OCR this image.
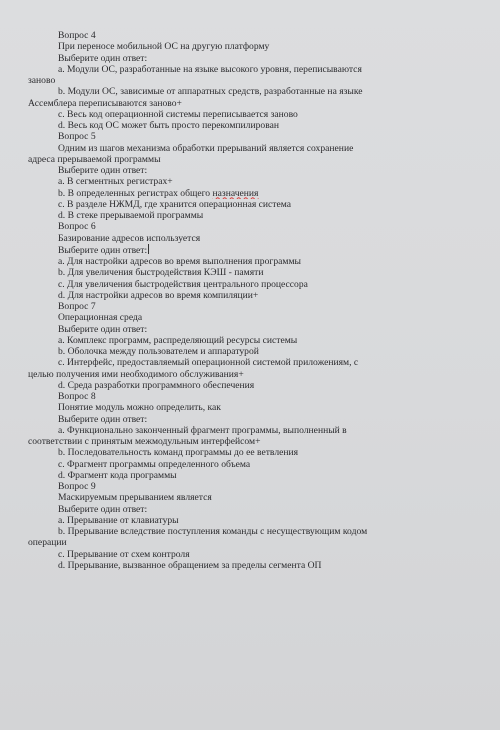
Вопрос 4
При переносе мобильной ОС на другую платформу
Выберите один ответ:
a. Модули ОС, разработанные на языке высокого уровня, переписываются
заново
b. Модули ОС, зависимые от аппаратных средств, разработанные на языке
Ассемблера переписываются заново+
c. Весь код операционной системы переписывается заново
d. Весь код ОС может быть просто перекомпилирован
Вопрос 5
Одним из шагов механизма обработки прерываний является сохранение
адреса прерываемой программы
Выберите один ответ:
a. В сегментных регистрах+
b. В определенных регистрах общего назначения
c. В разделе НЖМД, где хранится операционная система
d. В стеке прерываемой программы
Вопрос 6
Базирование адресов используется
Выберите один ответ:
a. Для настройки адресов во время выполнения программы
b. Для увеличения быстродействия КЭШ - памяти
c. Для увеличения быстродействия центрального процессора
d. Для настройки адресов во время компиляции+
Вопрос 7
Операционная среда
Выберите один ответ:
a. Комплекс программ, распределяющий ресурсы системы
b. Оболочка между пользователем и аппаратурой
c. Интерфейс, предоставляемый операционной системой приложениям, с
целью получения ими необходимого обслуживания+
d. Среда разработки программного обеспечения
Вопрос 8
Понятие модуль можно определить, как
Выберите один ответ:
a. Функционально законченный фрагмент программы, выполненный в
соответствии с принятым межмодульным интерфейсом+
b. Последовательность команд программы до ее ветвления
c. Фрагмент программы определенного объема
d. Фрагмент кода программы
Вопрос 9
Маскируемым прерыванием является
Выберите один ответ:
a. Прерывание от клавиатуры
b. Прерывание вследствие поступления команды с несуществующим кодом
операции
c. Прерывание от схем контроля
d. Прерывание, вызванное обращением за пределы сегмента ОП
